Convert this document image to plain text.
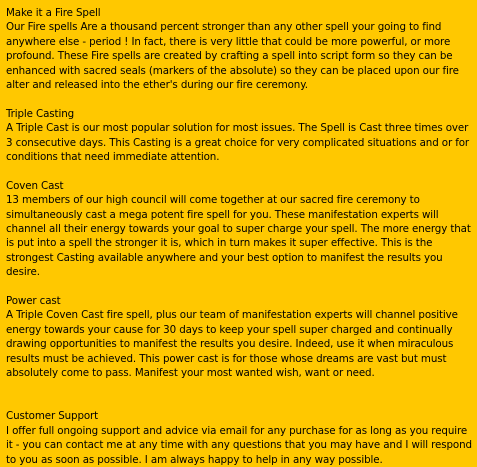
Make it a Fire Spell
Our Fire spells Are a thousand percent stronger than any other spell your going to find anywhere else - period ! In fact, there is very little that could be more powerful, or more profound. These Fire spells are created by crafting a spell into script form so they can be enhanced with sacred seals (markers of the absolute) so they can be placed upon our fire alter and released into the ether's during our fire ceremony.
Triple Casting
A Triple Cast is our most popular solution for most issues. The Spell is Cast three times over 3 consecutive days. This Casting is a great choice for very complicated situations and or for conditions that need immediate attention.
Coven Cast
13 members of our high council will come together at our sacred fire ceremony to simultaneously cast a mega potent fire spell for you. These manifestation experts will channel all their energy towards your goal to super charge your spell. The more energy that is put into a spell the stronger it is, which in turn makes it super effective. This is the strongest Casting available anywhere and your best option to manifest the results you desire.
Power cast
A Triple Coven Cast fire spell, plus our team of manifestation experts will channel positive energy towards your cause for 30 days to keep your spell super charged and continually drawing opportunities to manifest the results you desire. Indeed, use it when miraculous results must be achieved. This power cast is for those whose dreams are vast but must absolutely come to pass. Manifest your most wanted wish, want or need.
Customer Support
I offer full ongoing support and advice via email for any purchase for as long as you require it - you can contact me at any time with any questions that you may have and I will respond to you as soon as possible. I am always happy to help in any way possible.
